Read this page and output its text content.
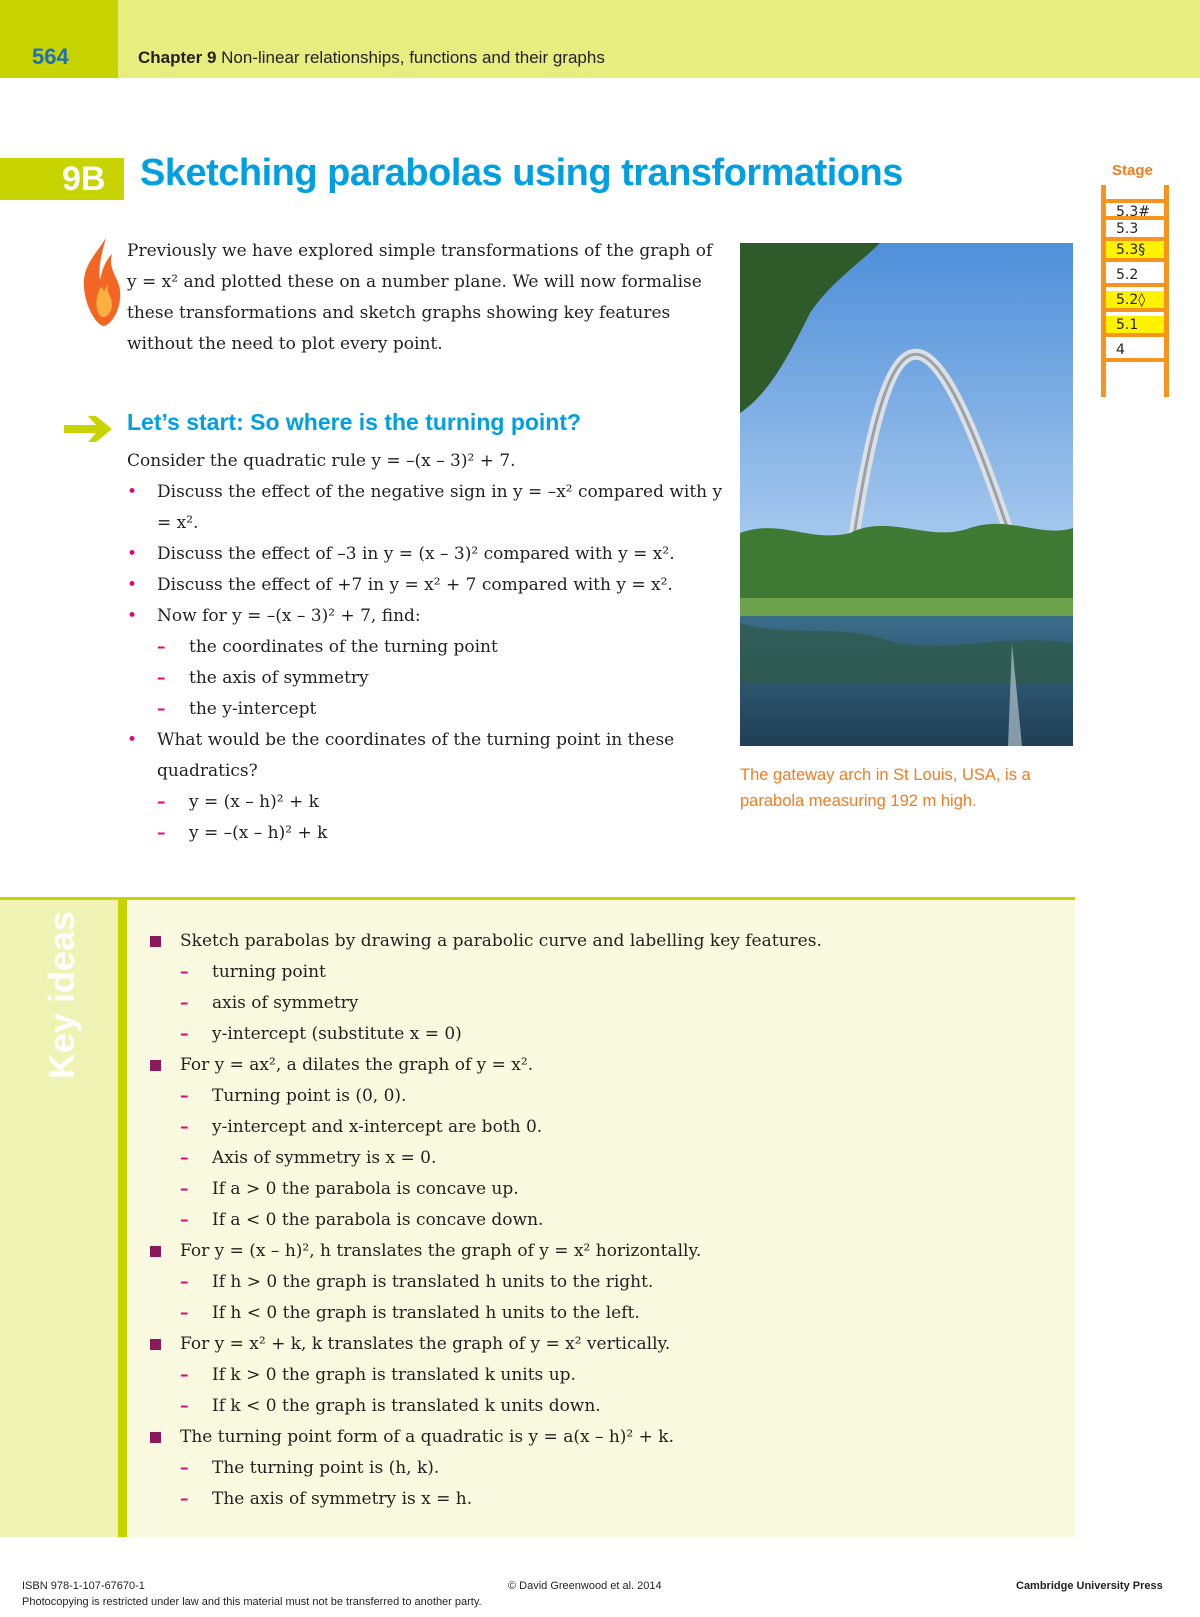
564	Chapter 9 Non-linear relationships, functions and their graphs
9B Sketching parabolas using transformations	Stage
5.3#
5.3
5.3§
5.2
5.2◊
5.1
4
Previously we have explored simple transformations of the graph of y = x² and plotted these on a number plane. We will now formalise these transformations and sketch graphs showing key features without the need to plot every point.
The gateway arch in St Louis, USA, is a parabola measuring 192 m high.
Let’s start: So where is the turning point?
Consider the quadratic rule y = –(x – 3)² + 7.
• Discuss the effect of the negative sign in y = –x² compared with y = x².
• Discuss the effect of –3 in y = (x – 3)² compared with y = x².
• Discuss the effect of +7 in y = x² + 7 compared with y = x².
• Now for y = –(x – 3)² + 7, find:
– the coordinates of the turning point
– the axis of symmetry
– the y-intercept
• What would be the coordinates of the turning point in these quadratics?
– y = (x – h)² + k
– y = –(x – h)² + k
Key ideas	Sketch parabolas by drawing a parabolic curve and labelling key features.
– turning point
– axis of symmetry
– y-intercept (substitute x = 0)
For y = ax², a dilates the graph of y = x².
– Turning point is (0, 0).
– y-intercept and x-intercept are both 0.
– Axis of symmetry is x = 0.
– If a > 0 the parabola is concave up.
– If a < 0 the parabola is concave down.
For y = (x – h)², h translates the graph of y = x² horizontally.
– If h > 0 the graph is translated h units to the right.
– If h < 0 the graph is translated h units to the left.
For y = x² + k, k translates the graph of y = x² vertically.
– If k > 0 the graph is translated k units up.
– If k < 0 the graph is translated k units down.
The turning point form of a quadratic is y = a(x – h)² + k.
– The turning point is (h, k).
– The axis of symmetry is x = h.
ISBN 978-1-107-67670-1	© David Greenwood et al. 2014	Cambridge University Press
Photocopying is restricted under law and this material must not be transferred to another party.
